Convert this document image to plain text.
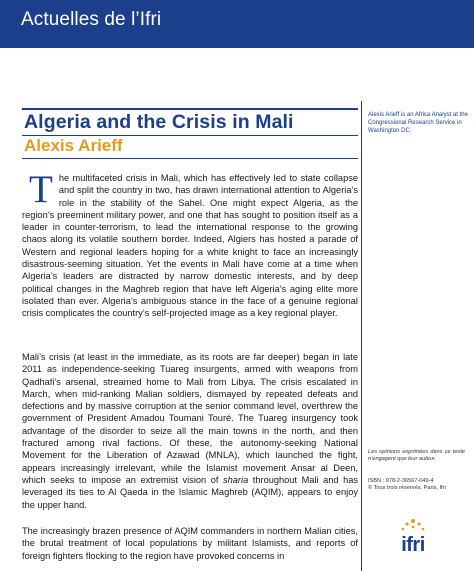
Actuelles de l’Ifri
Algeria and the Crisis in Mali
Alexis Arieff
The multifaceted crisis in Mali, which has effectively led to state collapse and split the country in two, has drawn international attention to Algeria’s role in the stability of the Sahel. One might expect Algeria, as the region’s preeminent military power, and one that has sought to position itself as a leader in counter-terrorism, to lead the international response to the growing chaos along its volatile southern border. Indeed, Algiers has hosted a parade of Western and regional leaders hoping for a white knight to face an increasingly disastrous-seeming situation. Yet the events in Mali have come at a time when Algeria’s leaders are distracted by narrow domestic interests, and by deep political changes in the Maghreb region that have left Algeria’s aging elite more isolated than ever. Algeria’s ambiguous stance in the face of a genuine regional crisis complicates the country’s self-projected image as a key regional player.
Mali’s crisis (at least in the immediate, as its roots are far deeper) began in late 2011 as independence-seeking Tuareg insurgents, armed with weapons from Qadhafi’s arsenal, streamed home to Mali from Libya. The crisis escalated in March, when mid-ranking Malian soldiers, dismayed by repeated defeats and defections and by massive corruption at the senior command level, overthrew the government of President Amadou Toumani Touré. The Tuareg insurgency took advantage of the disorder to seize all the main towns in the north, and then fractured among rival factions. Of these, the autonomy-seeking National Movement for the Liberation of Azawad (MNLA), which launched the fight, appears increasingly irrelevant, while the Islamist movement Ansar al Deen, which seeks to impose an extremist vision of sharia throughout Mali and has leveraged its ties to Al Qaeda in the Islamic Maghreb (AQIM), appears to enjoy the upper hand.
The increasingly brazen presence of AQIM commanders in northern Malian cities, the brutal treatment of local populations by militant Islamists, and reports of foreign fighters flocking to the region have provoked concerns in
Alexis Arieff is an Africa Analyst at the Congressional Research Service in Washington DC.
Les opinions exprimées dans ce texte n’engagent que leur auteur.
ISBN : 978-2-36567-049-4
© Tous trois réservés, Paris, Ifri
ifri
